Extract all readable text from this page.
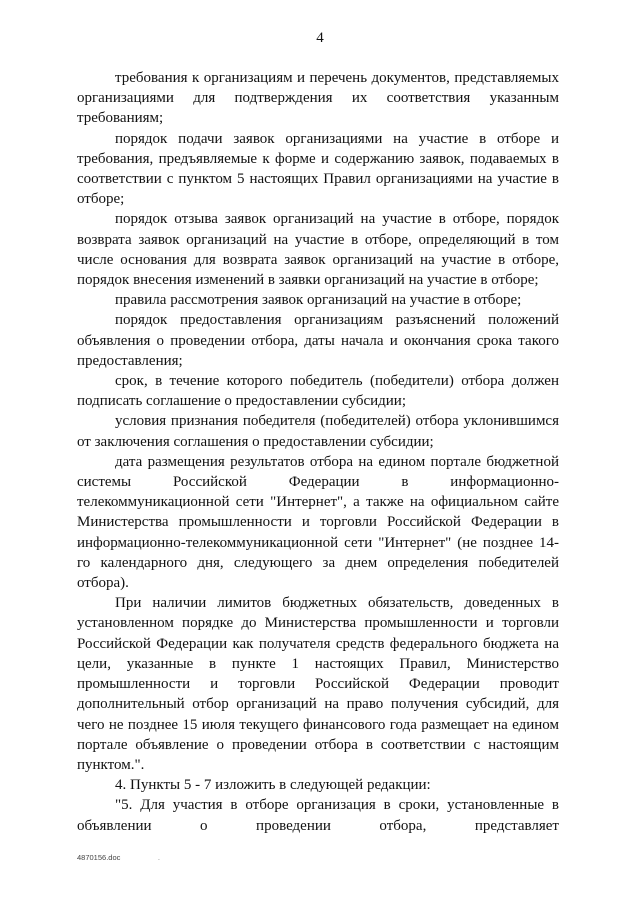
4

требования к организациям и перечень документов, представляемых организациями для подтверждения их соответствия указанным требованиям;

порядок подачи заявок организациями на участие в отборе и требования, предъявляемые к форме и содержанию заявок, подаваемых в соответствии с пунктом 5 настоящих Правил организациями на участие в отборе;

порядок отзыва заявок организаций на участие в отборе, порядок возврата заявок организаций на участие в отборе, определяющий в том числе основания для возврата заявок организаций на участие в отборе, порядок внесения изменений в заявки организаций на участие в отборе;

правила рассмотрения заявок организаций на участие в отборе;

порядок предоставления организациям разъяснений положений объявления о проведении отбора, даты начала и окончания срока такого предоставления;

срок, в течение которого победитель (победители) отбора должен подписать соглашение о предоставлении субсидии;

условия признания победителя (победителей) отбора уклонившимся от заключения соглашения о предоставлении субсидии;

дата размещения результатов отбора на едином портале бюджетной системы Российской Федерации в информационно-телекоммуникационной сети "Интернет", а также на официальном сайте Министерства промышленности и торговли Российской Федерации в информационно-телекоммуникационной сети "Интернет" (не позднее 14-го календарного дня, следующего за днем определения победителей отбора).

При наличии лимитов бюджетных обязательств, доведенных в установленном порядке до Министерства промышленности и торговли Российской Федерации как получателя средств федерального бюджета на цели, указанные в пункте 1 настоящих Правил, Министерство промышленности и торговли Российской Федерации проводит дополнительный отбор организаций на право получения субсидий, для чего не позднее 15 июля текущего финансового года размещает на едином портале объявление о проведении отбора в соответствии с настоящим пунктом.".

4. Пункты 5 - 7 изложить в следующей редакции:

"5. Для участия в отборе организация в сроки, установленные в объявлении о проведении отбора, представляет

4870156.doc	.
